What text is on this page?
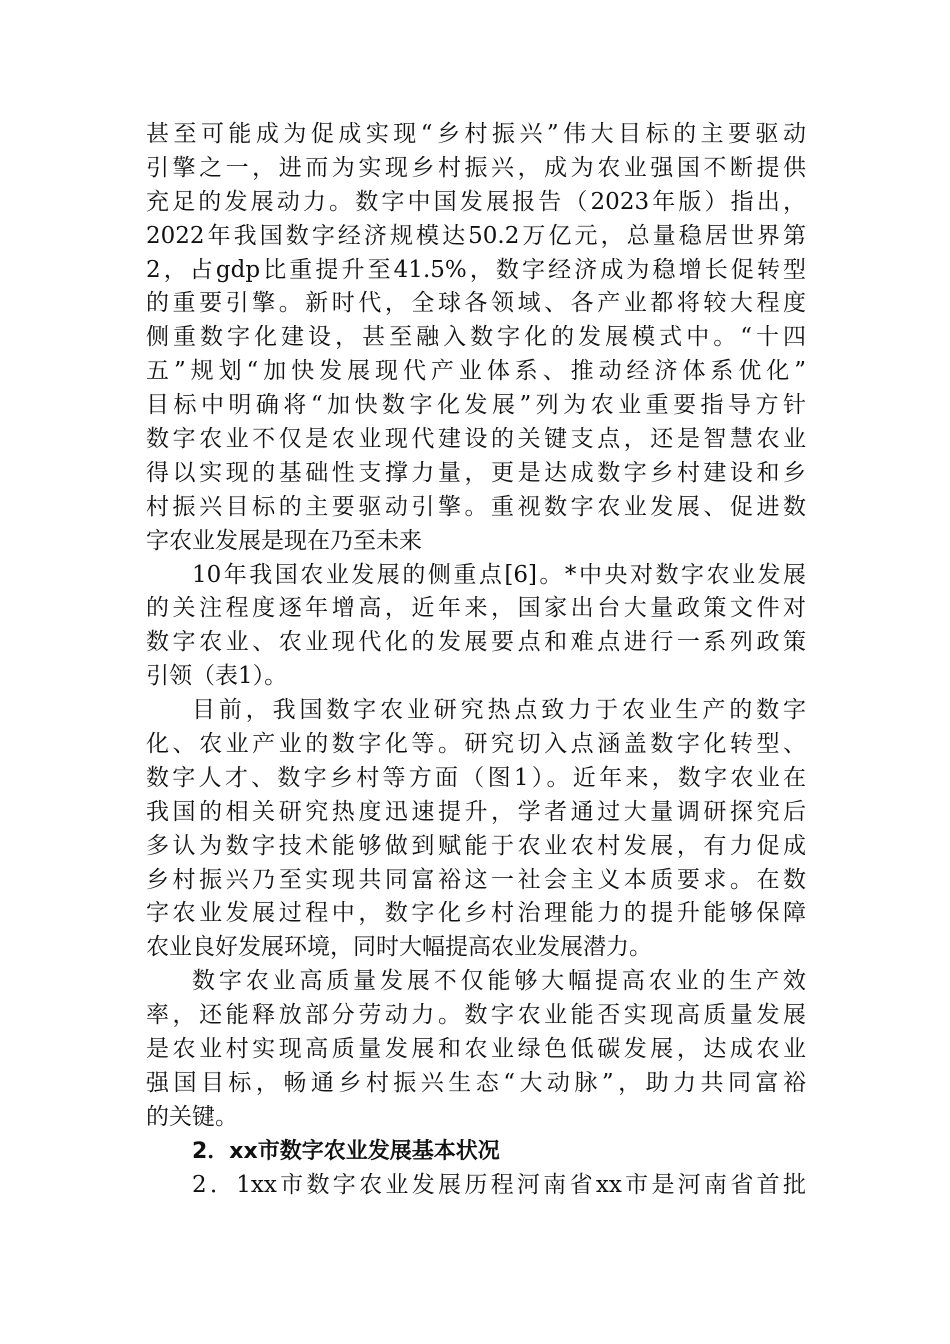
甚至可能成为促成实现“乡村振兴”伟大目标的主要驱动
引擎之一，进而为实现乡村振兴，成为农业强国不断提供
充足的发展动力。数字中国发展报告（2023年版）指出，
2022年我国数字经济规模达50.2万亿元，总量稳居世界第
2，占gdp比重提升至41.5%，数字经济成为稳增长促转型
的重要引擎。新时代，全球各领域、各产业都将较大程度
侧重数字化建设，甚至融入数字化的发展模式中。“十四
五”规划“加快发展现代产业体系、推动经济体系优化”
目标中明确将“加快数字化发展”列为农业重要指导方针
数字农业不仅是农业现代建设的关键支点，还是智慧农业
得以实现的基础性支撑力量，更是达成数字乡村建设和乡
村振兴目标的主要驱动引擎。重视数字农业发展、促进数
字农业发展是现在乃至未来
10年我国农业发展的侧重点[6]。*中央对数字农业发展
的关注程度逐年增高，近年来，国家出台大量政策文件对
数字农业、农业现代化的发展要点和难点进行一系列政策
引领（表1）。
目前，我国数字农业研究热点致力于农业生产的数字
化、农业产业的数字化等。研究切入点涵盖数字化转型、
数字人才、数字乡村等方面（图1）。近年来，数字农业在
我国的相关研究热度迅速提升，学者通过大量调研探究后
多认为数字技术能够做到赋能于农业农村发展，有力促成
乡村振兴乃至实现共同富裕这一社会主义本质要求。在数
字农业发展过程中，数字化乡村治理能力的提升能够保障
农业良好发展环境，同时大幅提高农业发展潜力。
数字农业高质量发展不仅能够大幅提高农业的生产效
率，还能释放部分劳动力。数字农业能否实现高质量发展
是农业村实现高质量发展和农业绿色低碳发展，达成农业
强国目标，畅通乡村振兴生态“大动脉”，助力共同富裕
的关键。
2．xx市数字农业发展基本状况
2．1xx市数字农业发展历程河南省xx市是河南省首批
